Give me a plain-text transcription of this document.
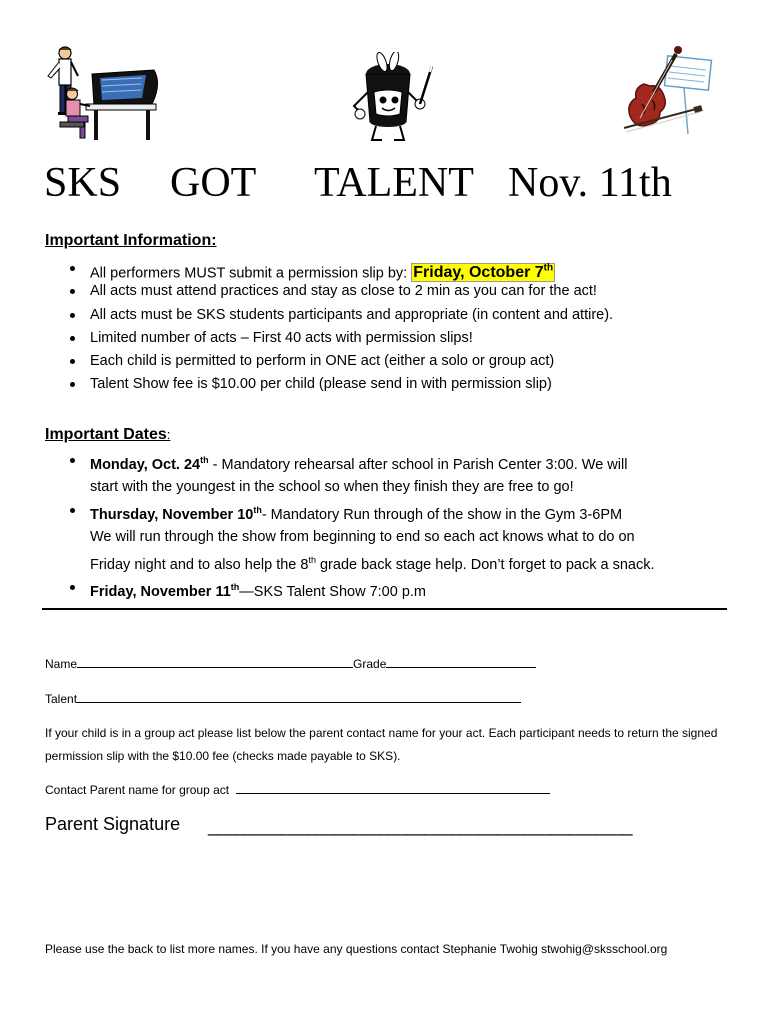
SKS GOT TALENT Nov. 11th
Important Information:
All performers MUST submit a permission slip by: Friday, October 7th
All acts must attend practices and stay as close to 2 min as you can for the act!
All acts must be SKS students participants and appropriate (in content and attire).
Limited number of acts – First 40 acts with permission slips!
Each child is permitted to perform in ONE act (either a solo or group act)
Talent Show fee is $10.00 per child (please send in with permission slip)
Important Dates:
Monday, Oct. 24th - Mandatory rehearsal after school in Parish Center 3:00. We will
start with the youngest in the school so when they finish they are free to go!
Thursday, November 10th- Mandatory Run through of the show in the Gym 3-6PM
We will run through the show from beginning to end so each act knows what to do on
Friday night and to also help the 8th grade back stage help. Don’t forget to pack a snack.
Friday, November 11th—SKS Talent Show 7:00 p.m
Name	Grade
Talent
If your child is in a group act please list below the parent contact name for your act. Each participant needs to return the signed permission slip with the $10.00 fee (checks made payable to SKS).
Contact Parent name for group act
Parent Signature _______________________________________________
Please use the back to list more names. If you have any questions contact Stephanie Twohig stwohig@sksschool.org
